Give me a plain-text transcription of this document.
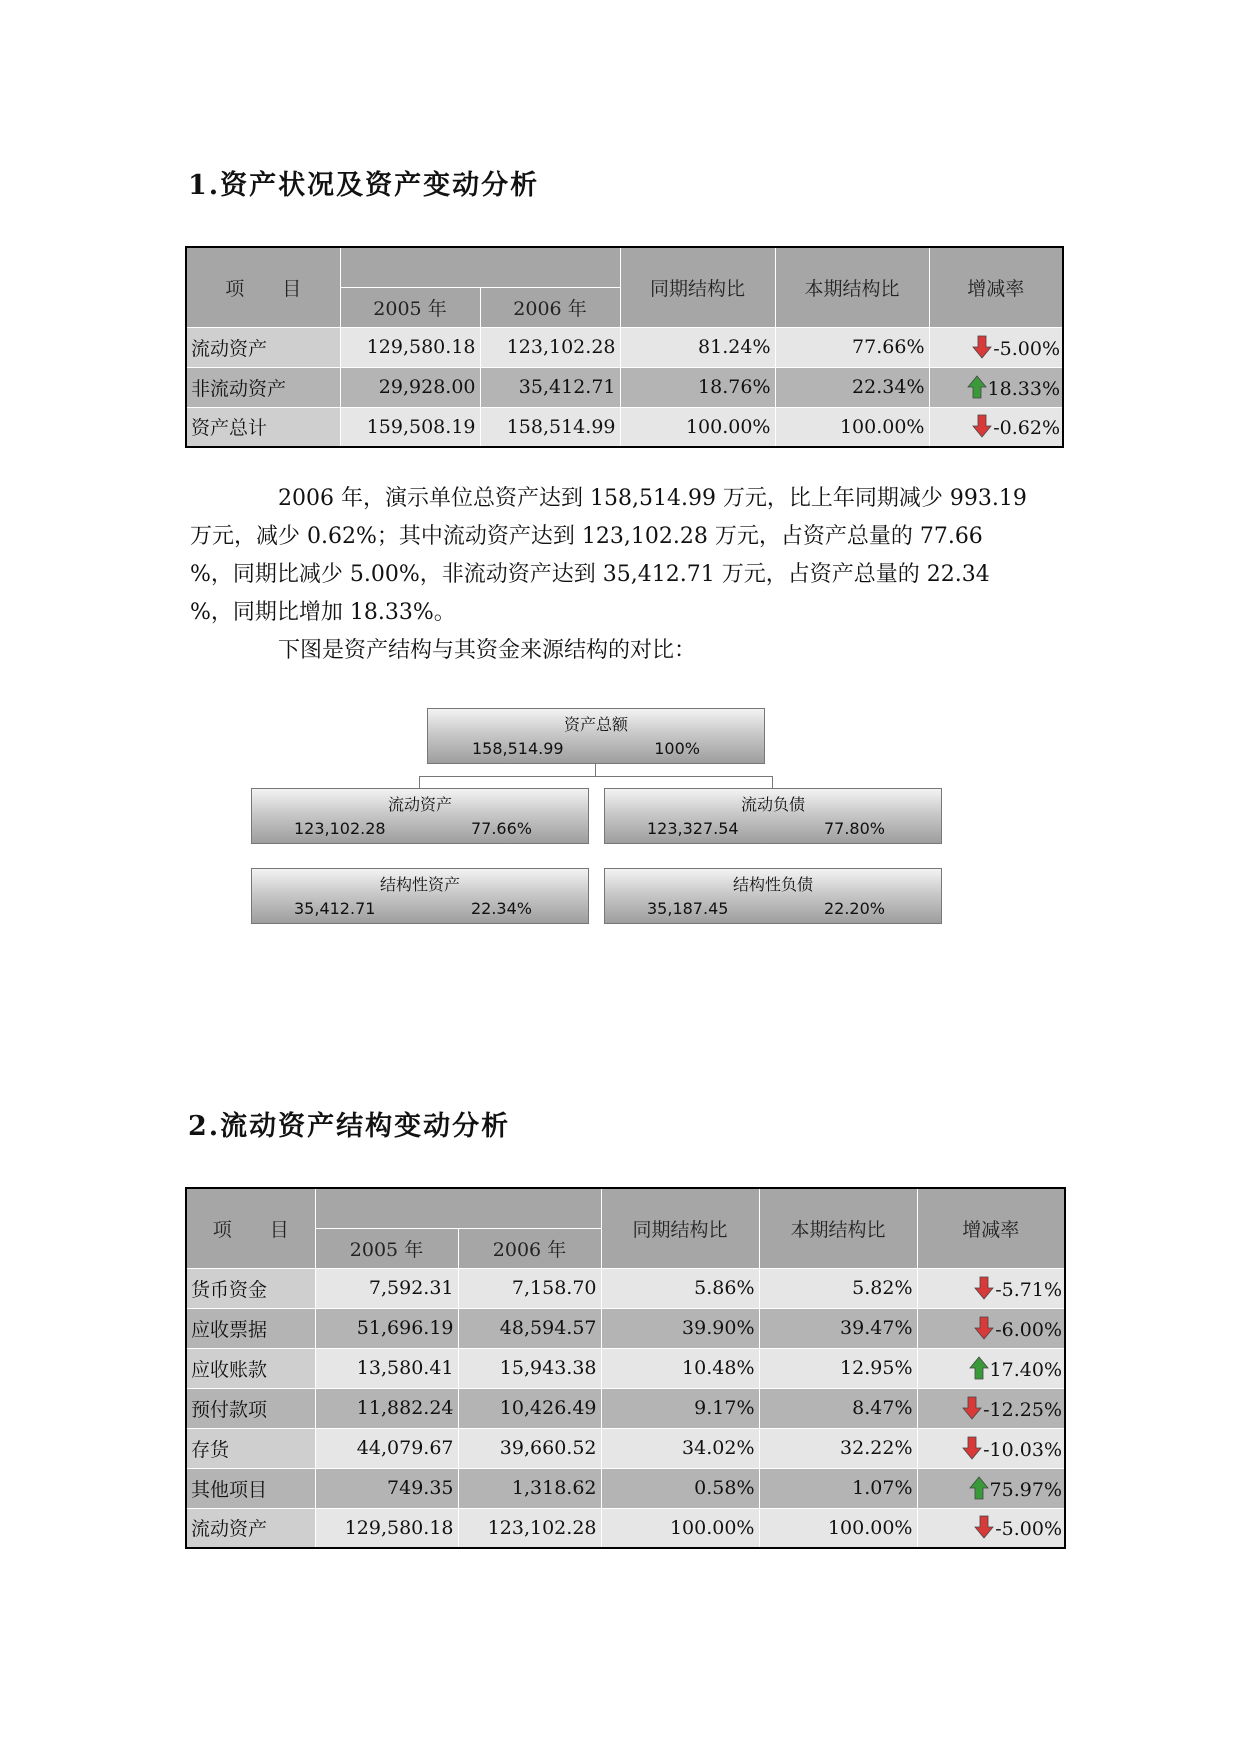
1.资产状况及资产变动分析
项　　目			同期结构比	本期结构比	增减率
	2005 年	2006 年			
流动资产	129,580.18	123,102.28	81.24%	77.66%	-5.00%
非流动资产	29,928.00	35,412.71	18.76%	22.34%	18.33%
资产总计	159,508.19	158,514.99	100.00%	100.00%	-0.62%

2006 年，演示单位总资产达到 158,514.99 万元，比上年同期减少 993.19
万元，减少 0.62%；其中流动资产达到 123,102.28 万元，占资产总量的 77.66
%，同期比减少 5.00%，非流动资产达到 35,412.71 万元，占资产总量的 22.34
%，同期比增加 18.33%。
下图是资产结构与其资金来源结构的对比：

资产总额
158,514.99	100%
流动资产
123,102.28	77.66%
流动负债
123,327.54	77.80%
结构性资产
35,412.71	22.34%
结构性负债
35,187.45	22.20%
2.流动资产结构变动分析
项　　目			同期结构比	本期结构比	增减率
	2005 年	2006 年			
货币资金	7,592.31	7,158.70	5.86%	5.82%	-5.71%
应收票据	51,696.19	48,594.57	39.90%	39.47%	-6.00%
应收账款	13,580.41	15,943.38	10.48%	12.95%	17.40%
预付款项	11,882.24	10,426.49	9.17%	8.47%	-12.25%
存货	44,079.67	39,660.52	34.02%	32.22%	-10.03%
其他项目	749.35	1,318.62	0.58%	1.07%	75.97%
流动资产	129,580.18	123,102.28	100.00%	100.00%	-5.00%
